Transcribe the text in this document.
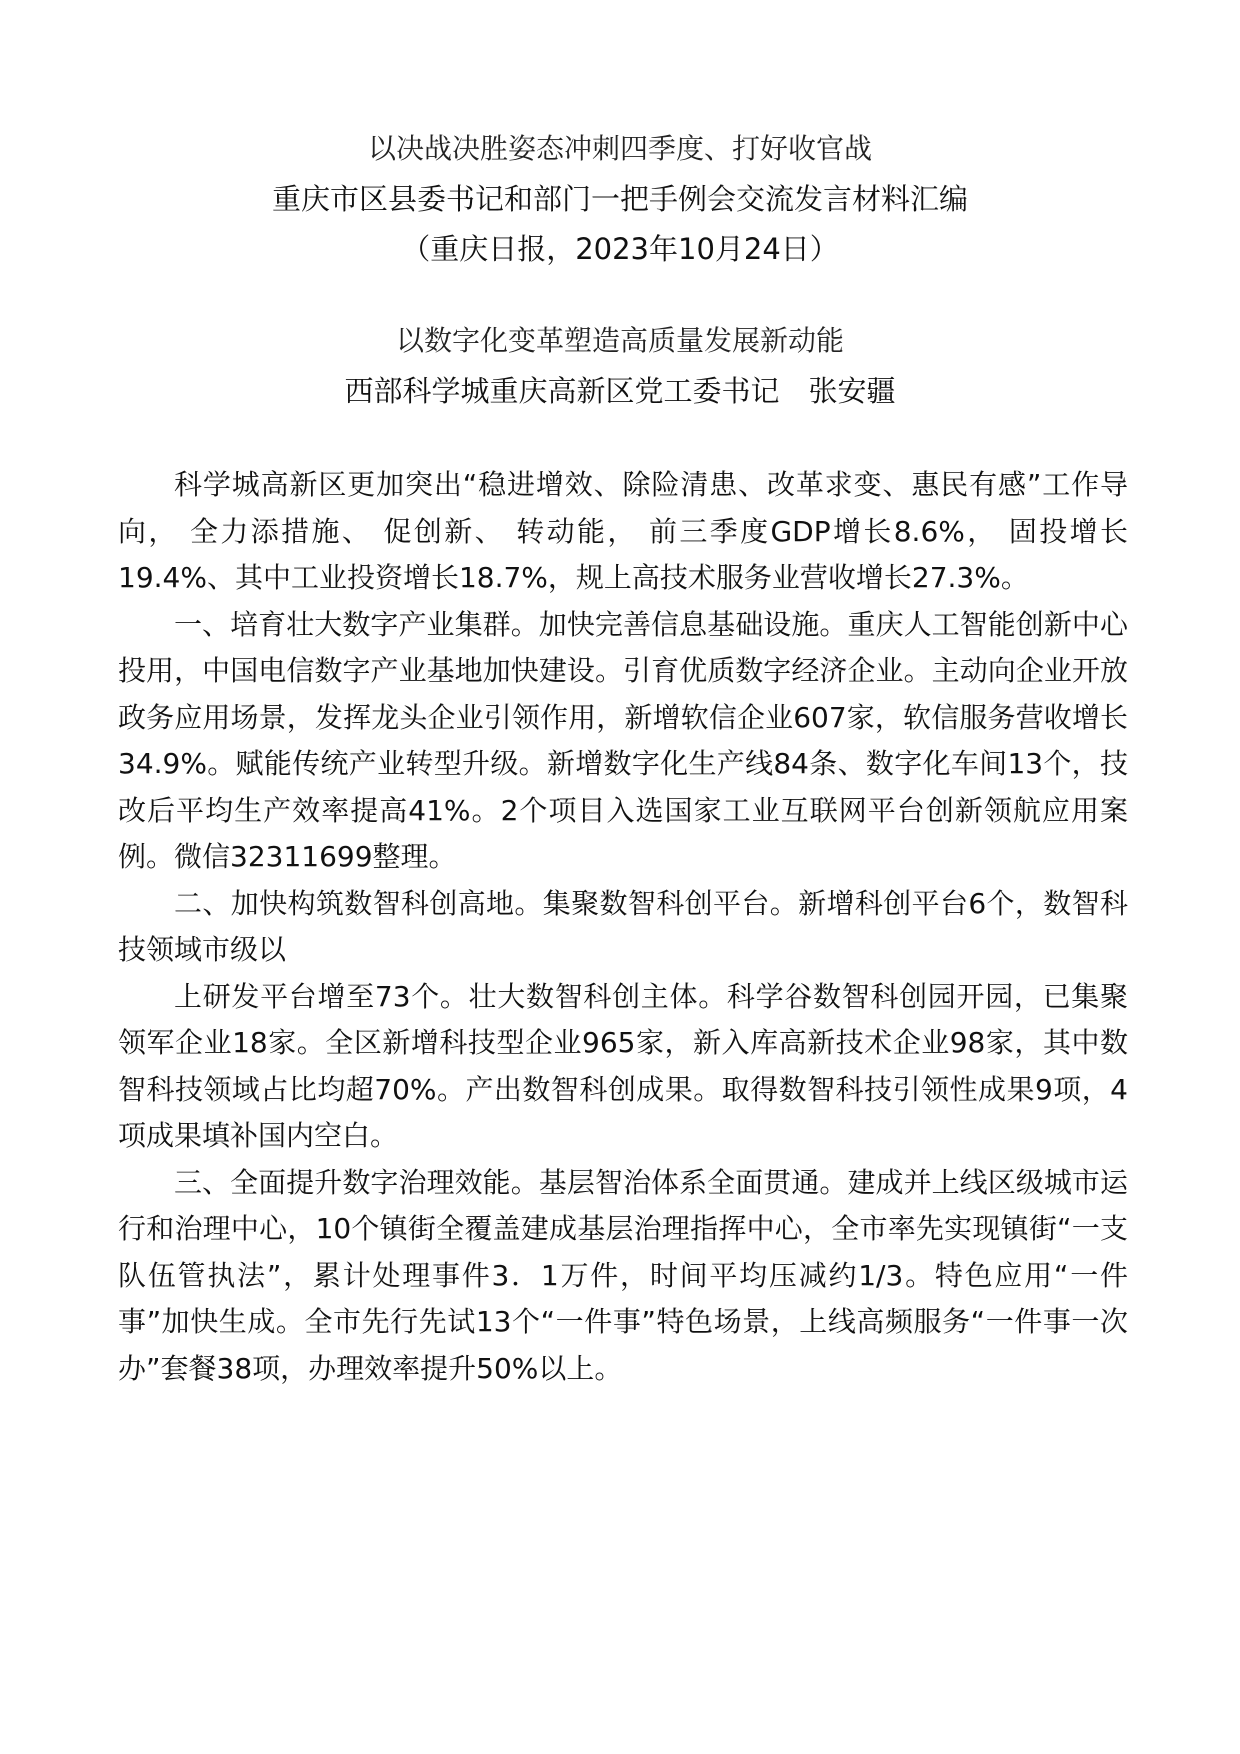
以决战决胜姿态冲刺四季度、打好收官战
重庆市区县委书记和部门一把手例会交流发言材料汇编
（重庆日报，2023年10月24日）
以数字化变革塑造高质量发展新动能
西部科学城重庆高新区党工委书记　张安疆

科学城高新区更加突出“稳进增效、除险清患、改革求变、惠民有感”工作导向， 全力添措施、 促创新、 转动能， 前三季度GDP增长8.6%， 固投增长19.4%、其中工业投资增长18.7%，规上高技术服务业营收增长27.3%。

一、培育壮大数字产业集群。加快完善信息基础设施。重庆人工智能创新中心投用，中国电信数字产业基地加快建设。引育优质数字经济企业。主动向企业开放政务应用场景，发挥龙头企业引领作用，新增软信企业607家，软信服务营收增长34.9%。赋能传统产业转型升级。新增数字化生产线84条、数字化车间13个，技改后平均生产效率提高41%。2个项目入选国家工业互联网平台创新领航应用案例。微信32311699整理。

二、加快构筑数智科创高地。集聚数智科创平台。新增科创平台6个，数智科技领域市级以

上研发平台增至73个。壮大数智科创主体。科学谷数智科创园开园，已集聚领军企业18家。全区新增科技型企业965家，新入库高新技术企业98家，其中数智科技领域占比均超70%。产出数智科创成果。取得数智科技引领性成果9项，4项成果填补国内空白。

三、全面提升数字治理效能。基层智治体系全面贯通。建成并上线区级城市运行和治理中心，10个镇街全覆盖建成基层治理指挥中心，全市率先实现镇街“一支队伍管执法”，累计处理事件3．1万件，时间平均压减约1/3。特色应用“一件事”加快生成。全市先行先试13个“一件事”特色场景，上线高频服务“一件事一次办”套餐38项，办理效率提升50%以上。
